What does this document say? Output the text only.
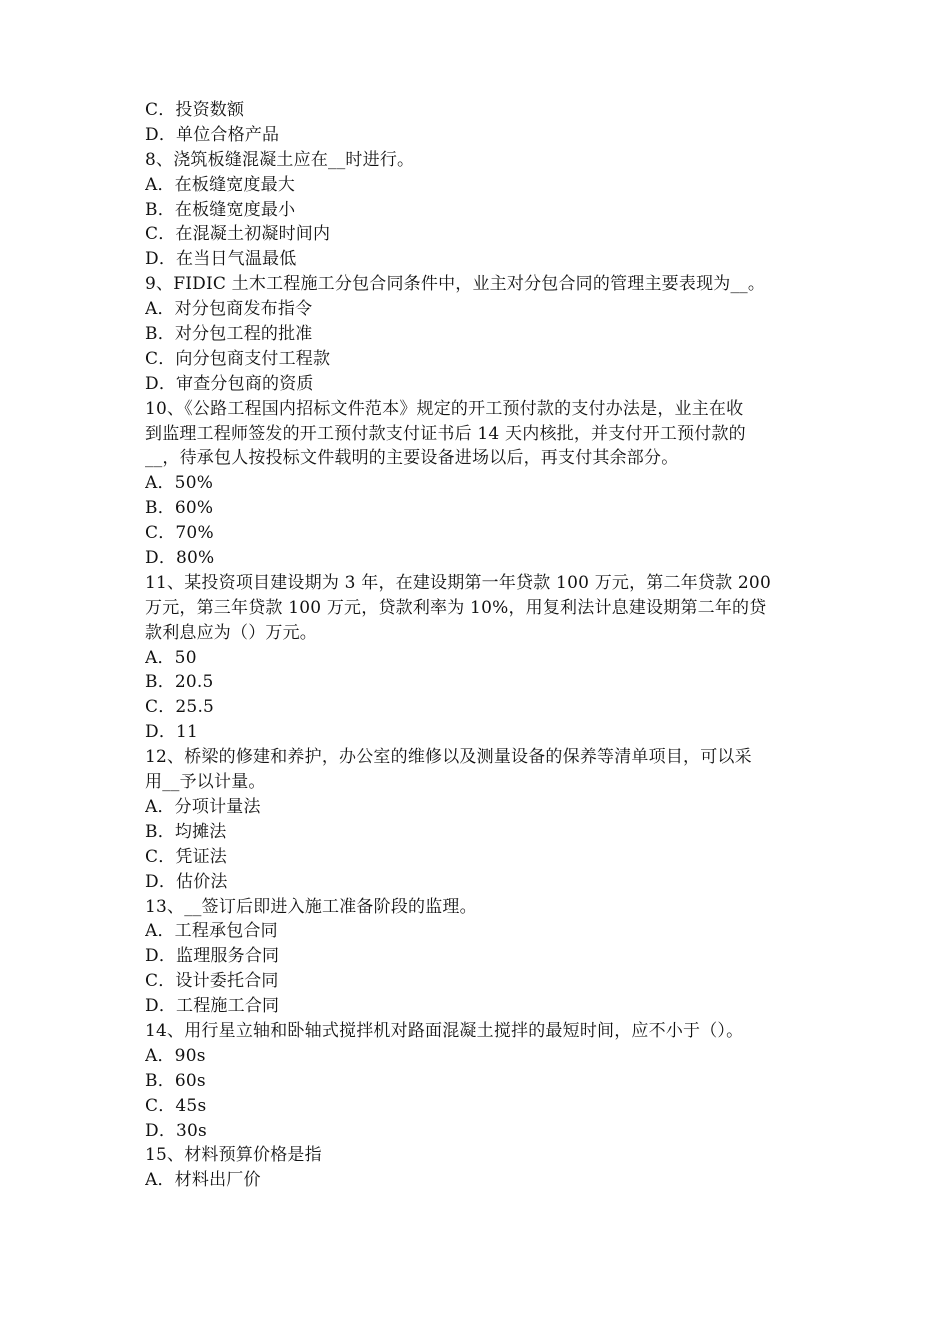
C．投资数额
D．单位合格产品
8、浇筑板缝混凝土应在__时进行。
A．在板缝宽度最大
B．在板缝宽度最小
C．在混凝土初凝时间内
D．在当日气温最低
9、FIDIC 土木工程施工分包合同条件中，业主对分包合同的管理主要表现为__。
A．对分包商发布指令
B．对分包工程的批准
C．向分包商支付工程款
D．审查分包商的资质
10、《公路工程国内招标文件范本》规定的开工预付款的支付办法是，业主在收
到监理工程师签发的开工预付款支付证书后 14 天内核批，并支付开工预付款的
__，待承包人按投标文件载明的主要设备进场以后，再支付其余部分。
A．50%
B．60%
C．70%
D．80%
11、某投资项目建设期为 3 年，在建设期第一年贷款 100 万元，第二年贷款 200
万元，第三年贷款 100 万元，贷款利率为 10%，用复利法计息建设期第二年的贷
款利息应为（）万元。
A．50
B．20.5
C．25.5
D．11
12、桥梁的修建和养护，办公室的维修以及测量设备的保养等清单项目，可以采
用__予以计量。
A．分项计量法
B．均摊法
C．凭证法
D．估价法
13、__签订后即进入施工准备阶段的监理。
A．工程承包合同
D．监理服务合同
C．设计委托合同
D．工程施工合同
14、用行星立轴和卧轴式搅拌机对路面混凝土搅拌的最短时间，应不小于（）。
A．90s
B．60s
C．45s
D．30s
15、材料预算价格是指
A．材料出厂价
